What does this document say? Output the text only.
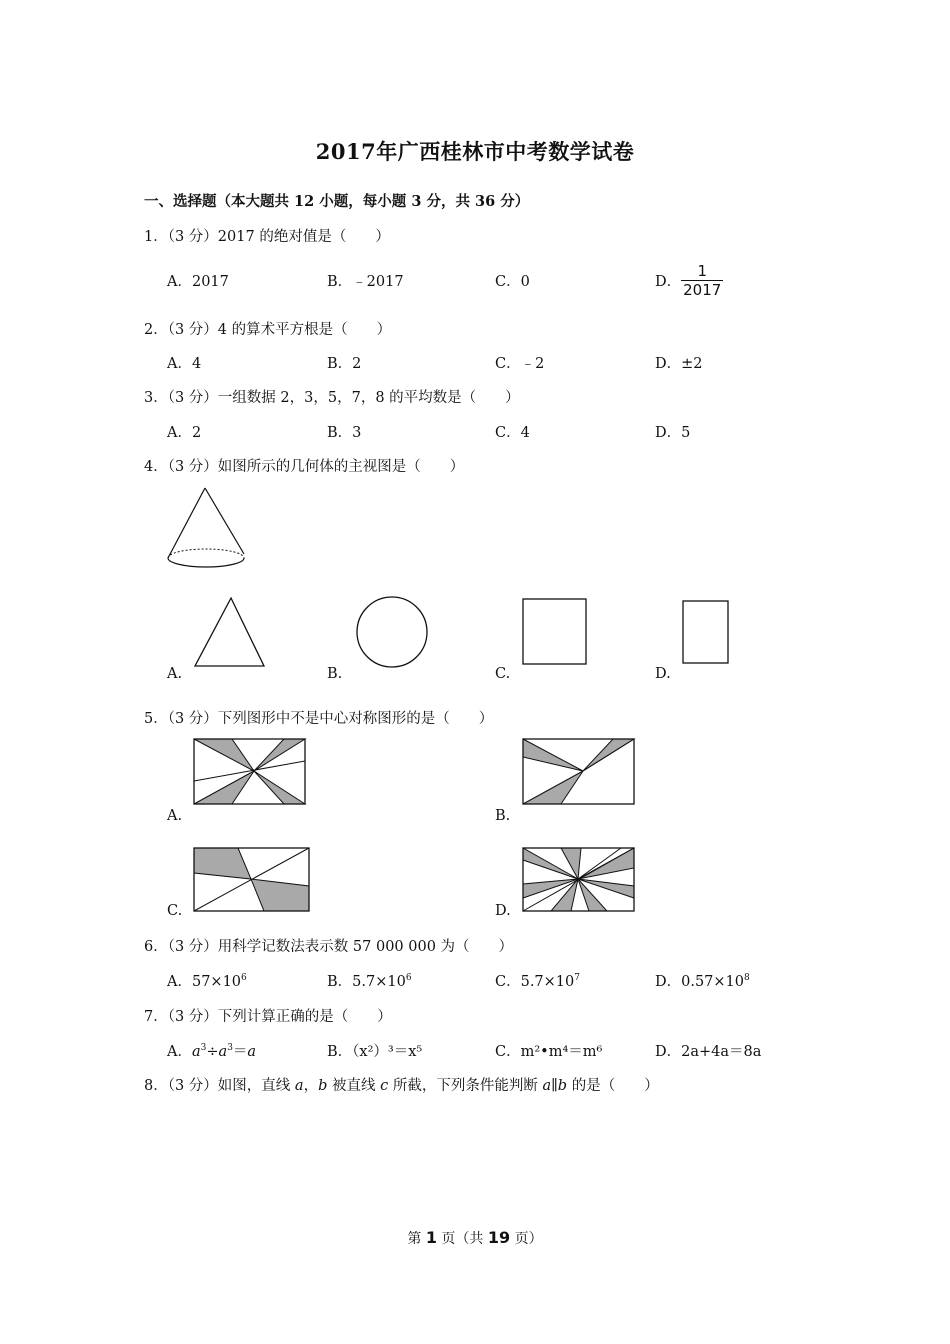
2017年广西桂林市中考数学试卷
一、选择题（本大题共 12 小题，每小题 3 分，共 36 分）
1．（3 分）2017 的绝对值是（　　）
A．2017	B．﹣2017	C．0	D． $\frac{1}{2017}$
2．（3 分）4 的算术平方根是（　　）
A．4	B．2	C．﹣2	D．±2
3．（3 分）一组数据 2，3，5，7，8 的平均数是（　　）
A．2	B．3	C．4	D．5
4．（3 分）如图所示的几何体的主视图是（　　）
A.	B.	C.	D.
5．（3 分）下列图形中不是中心对称图形的是（　　）
A.	B.
C.	D.
6．（3 分）用科学记数法表示数 57 000 000 为（　　）
A．$57\times 10^6$	B．$5.7\times 10^6$	C．$5.7\times 10^7$	D．$0.57\times 10^8$
7．（3 分）下列计算正确的是（　　）
A．$a^3\div a^3=a$	B．（x²）³＝x⁵	C．m²•m⁴＝m⁶	D．2a+4a＝8a
8．（3 分）如图，直线 a，b 被直线 c 所截，下列条件能判断 a∥b 的是（　　）
第 1 页（共 19 页）
